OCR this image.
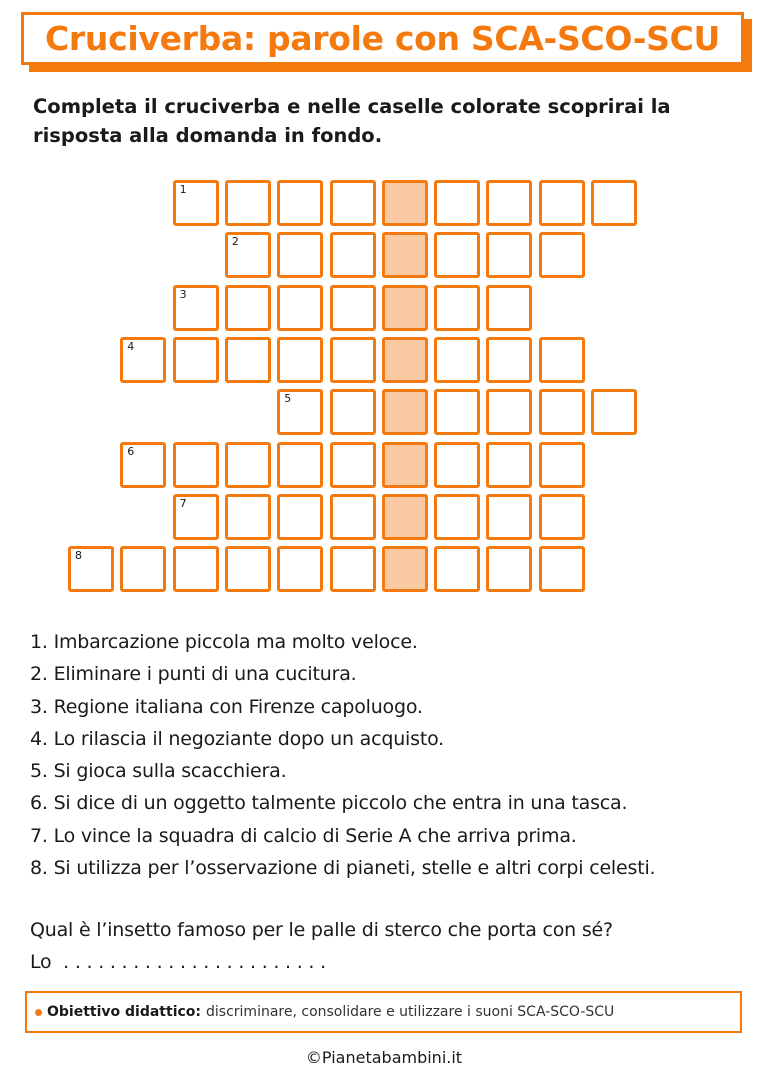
Cruciverba: parole con SCA-SCO-SCU
Completa il cruciverba e nelle caselle colorate scoprirai la risposta alla domanda in fondo.
1
2
3
4
5
6
7
8
1. Imbarcazione piccola ma molto veloce.
2. Eliminare i punti di una cucitura.
3. Regione italiana con Firenze capoluogo.
4. Lo rilascia il negoziante dopo un acquisto.
5. Si gioca sulla scacchiera.
6. Si dice di un oggetto talmente piccolo che entra in una tasca.
7. Lo vince la squadra di calcio di Serie A che arriva prima.
8. Si utilizza per l’osservazione di pianeti, stelle e altri corpi celesti.
Qual è l’insetto famoso per le palle di sterco che porta con sé?
Lo  . . . . . . . . . . . . . . . . . . . . . . .
Obiettivo didattico: discriminare, consolidare e utilizzare i suoni SCA-SCO-SCU
©Pianetabambini.it
